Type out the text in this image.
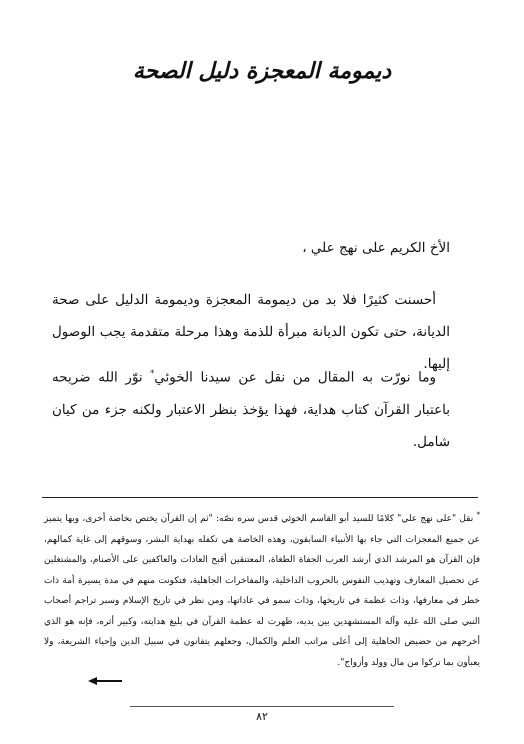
ديمومة المعجزة دليل الصحة
الأخ الكريم على نهج علي ،
أحسنت كثيرًا فلا بد من ديمومة المعجزة وديمومة الدليل على صحة الديانة، حتى تكون الديانة مبرأة للذمة وهذا مرحلة متقدمة يجب الوصول إليها.
وما نورّت به المقال من نقل عن سيدنا الخوئي* نوّر الله ضريحه باعتبار القرآن كتاب هداية، فهذا يؤخذ بنظر الاعتبار ولكنه جزء من كيان شامل.
* نقل "على نهج علي" كلامًا للسيد أبو القاسم الخوئي قدس سره نصّه: "ثم إن القرآن يختص بخاصة أخرى، وبها يتميز عن جميع المعجزات التي جاء بها الأنبياء السابقون، وهذه الخاصة هي تكفله بهداية البشر، وسوقهم إلى غاية كمالهم، فإن القرآن هو المرشد الذي أرشد العرب الجفاة الطغاة، المعتنقين أقبح العادات والعاكفين على الأصنام، والمشتغلين عن تحصيل المعارف وتهذيب النفوس بالحروب الداخلية، والمفاخرات الجاهلية، فتكونت منهم في مدة يسيرة أمة ذات خطر في معارفها، وذات عظمة في تاريخها، وذات سمو في عاداتها، ومن نظر في تاريخ الإسلام وسبر تراجم أصحاب النبي صلى الله عليه وآله المستشهدين بين يديه، ظهرت له عظمة القرآن في بليغ هدايته، وكبير أثره، فإنه هو الذي أخرجهم من حضيض الجاهلية إلى أعلى مراتب العلم والكمال، وجعلهم يتفانون في سبيل الدين وإحياء الشريعة، ولا يعبأون بما تركوا من مال وولد وأزواج".
٨٢
